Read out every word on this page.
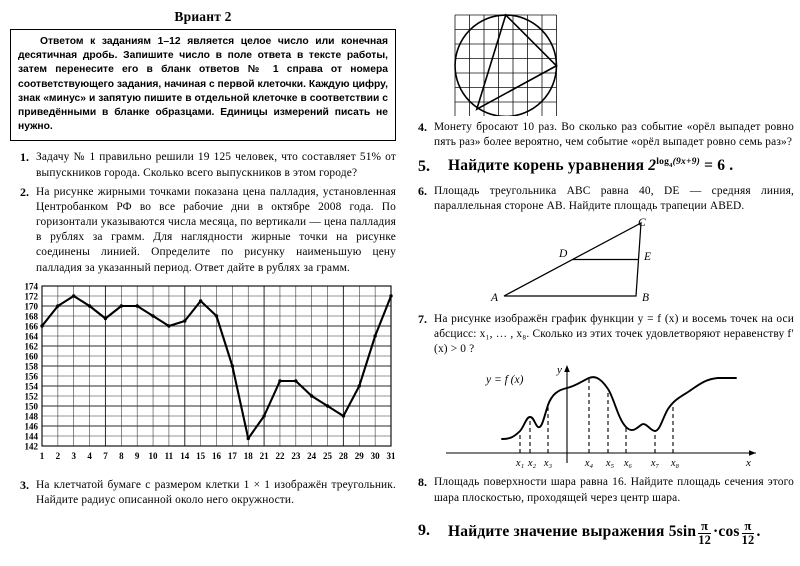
Вриант 2
Ответом к заданиям 1–12 является целое число или конечная десятичная дробь. Запишите число в поле ответа в тексте работы, затем перенесите его в бланк ответов № 1 справа от номера соответствующего задания, начиная с первой клеточки. Каждую цифру, знак «минус» и запятую пишите в отдельной клеточке в соответствии с приведёнными в бланке образцами. Единицы измерений писать не нужно.
1. Задачу № 1 правильно решили 19 125 человек, что составляет 51% от выпускников города. Сколько всего выпускников в этом городе?
2. На рисунке жирными точками показана цена палладия, установленная Центробанком РФ во все рабочие дни в октябре 2008 года. По горизонтали указываются числа месяца, по вертикали — цена палладия в рублях за грамм. Для наглядности жирные точки на рисунке соединены линией. Определите по рисунку наименьшую цену палладия за указанный период. Ответ дайте в рублях за грамм.
142
144
146
148
150
152
154
156
158
160
162
164
166
168
170
172
174
1 2 3 4 7 8 9 10 11 14 15 16 17 18 21 22 23 24 25 28 29 30 31
3. На клетчатой бумаге с размером клетки 1 × 1 изображён треугольник. Найдите радиус описанной около него окружности.
4. Монету бросают 10 раз. Во сколько раз событие «орёл выпадет ровно пять раз» более вероятно, чем событие «орёл выпадет ровно семь раз»?
5.	Найдите корень уравнения $2^{log_4(9x+9)} = 6$ .
6. Площадь треугольника ABC равна 40, DE — средняя линия, параллельная стороне AB. Найдите площадь трапеции ABED.
A	B
C
D	E
7. На рисунке изображён график функции y = f (x) и восемь точек на оси абсцисс: x₁, … , x₈. Сколько из этих точек удовлетворяют неравенству f′(x) > 0 ?
x₁ x₂ x₃	x₄ x₅ x₆ x₇ x₈	x
y
y = f (x)
8. Площадь поверхности шара равна 16. Найдите площадь сечения этого шара плоскостью, проходящей через центр шара.
9.	Найдите значение выражения $5\sin \frac{\pi}{12} \cdot\cos \frac{\pi}{12}$ .
